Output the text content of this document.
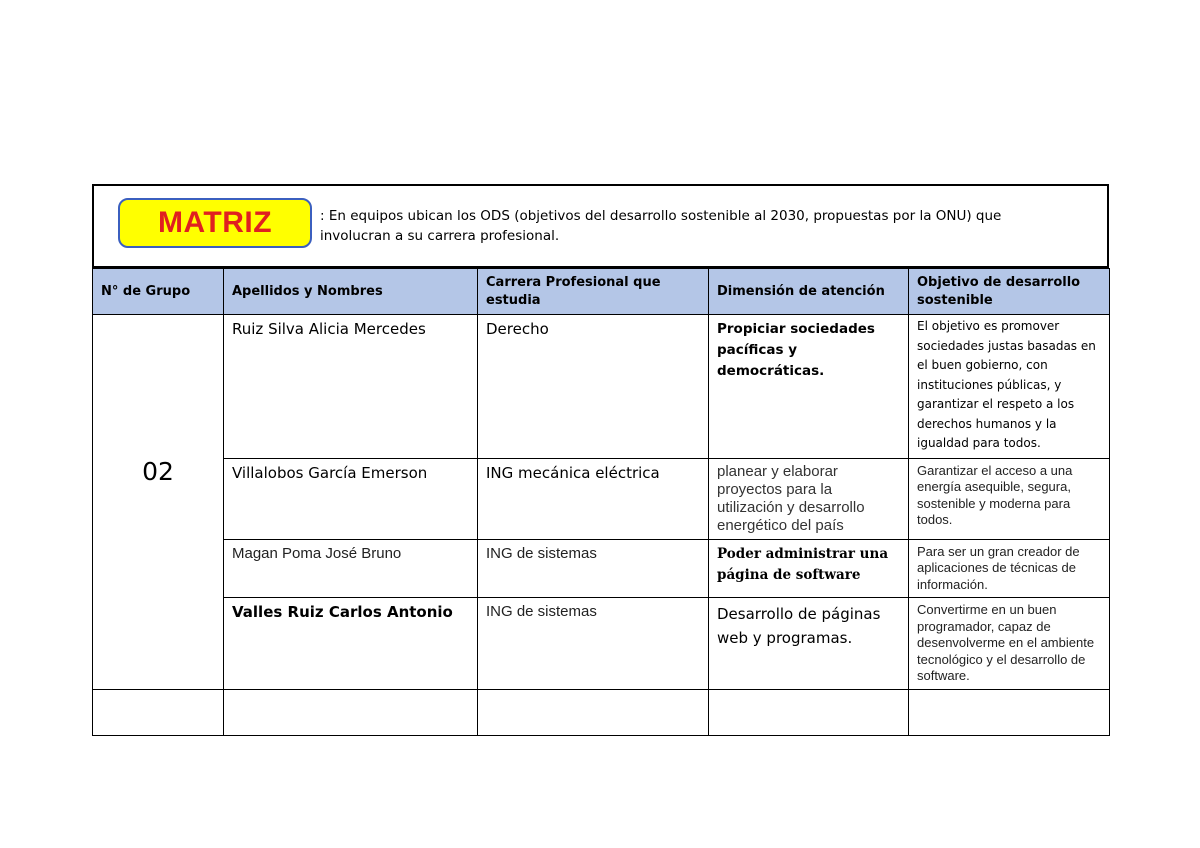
MATRIZ	: En equipos ubican los ODS (objetivos del desarrollo sostenible al 2030, propuestas por la ONU) que
involucran a su carrera profesional.
N° de Grupo	Apellidos y Nombres	Carrera Profesional que estudia	Dimensión de atención	Objetivo de desarrollo sostenible

02	Ruiz Silva Alicia Mercedes	Derecho	Propiciar sociedades pacíficas y democráticas.	El objetivo es promover sociedades justas basadas en el buen gobierno, con instituciones públicas, y garantizar el respeto a los derechos humanos y la igualdad para todos.

	Villalobos García Emerson	ING mecánica eléctrica	planear y elaborar proyectos para la utilización y desarrollo energético del país	Garantizar el acceso a una energía asequible, segura, sostenible y moderna para todos.

	Magan Poma José Bruno	ING de sistemas	Poder administrar una página de software	Para ser un gran creador de aplicaciones de técnicas de información.

	Valles Ruiz Carlos Antonio	ING de sistemas	Desarrollo de páginas web y programas.	Convertirme en un buen programador, capaz de desenvolverme en el ambiente tecnológico y el desarrollo de software.
